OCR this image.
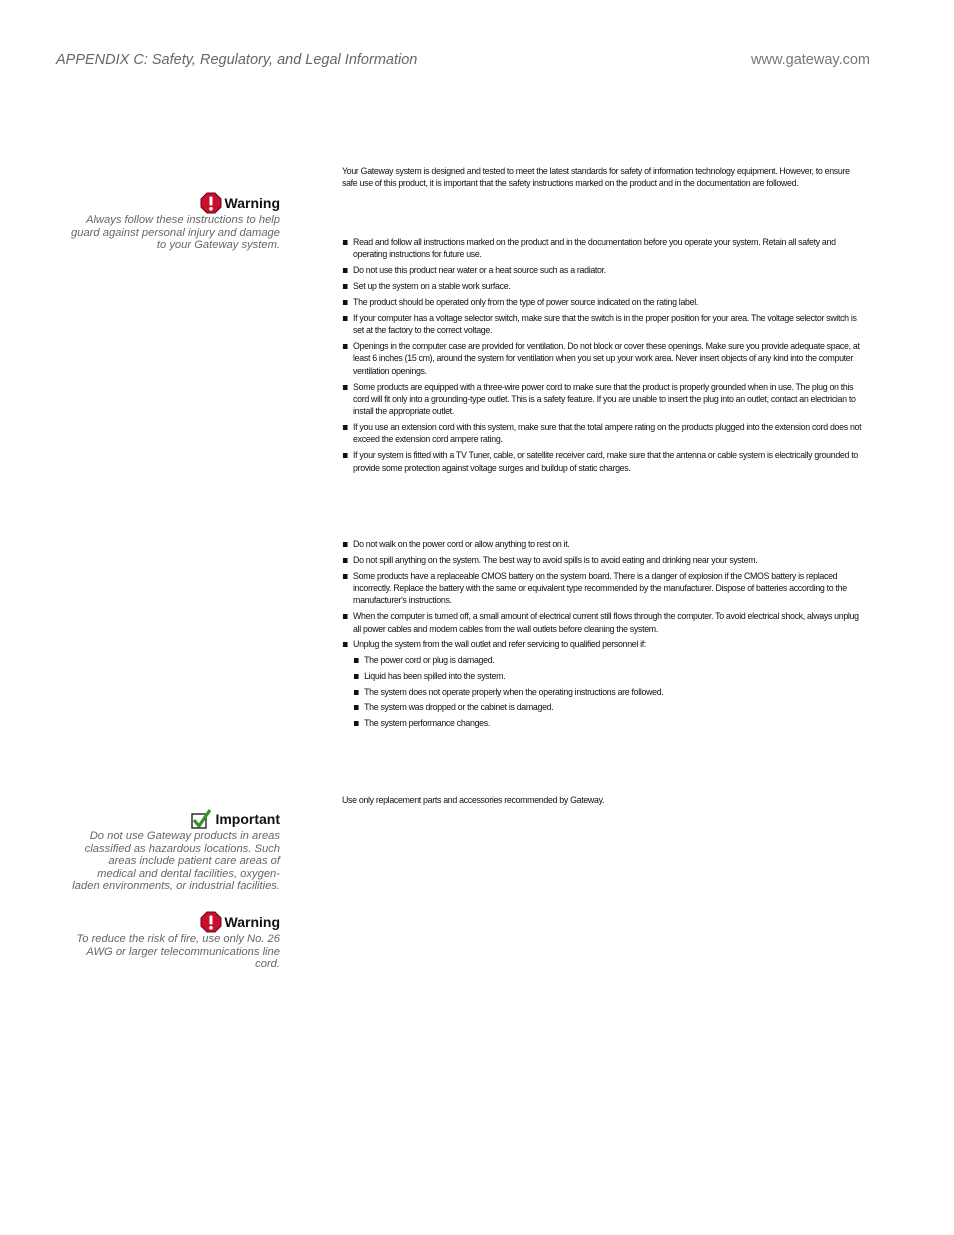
APPENDIX C: Safety, Regulatory, and Legal Information	www.gateway.com
Your Gateway system is designed and tested to meet the latest standards for safety of information technology equipment. However, to ensure safe use of this product, it is important that the safety instructions marked on the product and in the documentation are followed.
Warning
Always follow these instructions to help guard against personal injury and damage to your Gateway system.	Read and follow all instructions marked on the product and in the documentation before you operate your system. Retain all safety and operating instructions for future use.
Do not use this product near water or a heat source such as a radiator.
Set up the system on a stable work surface.
The product should be operated only from the type of power source indicated on the rating label.
If your computer has a voltage selector switch, make sure that the switch is in the proper position for your area. The voltage selector switch is set at the factory to the correct voltage.
Openings in the computer case are provided for ventilation. Do not block or cover these openings. Make sure you provide adequate space, at least 6 inches (15 cm), around the system for ventilation when you set up your work area. Never insert objects of any kind into the computer ventilation openings.
Some products are equipped with a three-wire power cord to make sure that the product is properly grounded when in use. The plug on this cord will fit only into a grounding-type outlet. This is a safety feature. If you are unable to insert the plug into an outlet, contact an electrician to install the appropriate outlet.
If you use an extension cord with this system, make sure that the total ampere rating on the products plugged into the extension cord does not exceed the extension cord ampere rating.
If your system is fitted with a TV Tuner, cable, or satellite receiver card, make sure that the antenna or cable system is electrically grounded to provide some protection against voltage surges and buildup of static charges.
Do not walk on the power cord or allow anything to rest on it.
Do not spill anything on the system. The best way to avoid spills is to avoid eating and drinking near your system.
Some products have a replaceable CMOS battery on the system board. There is a danger of explosion if the CMOS battery is replaced incorrectly. Replace the battery with the same or equivalent type recommended by the manufacturer. Dispose of batteries according to the manufacturer's instructions.
When the computer is turned off, a small amount of electrical current still flows through the computer. To avoid electrical shock, always unplug all power cables and modem cables from the wall outlets before cleaning the system.
Unplug the system from the wall outlet and refer servicing to qualified personnel if:
The power cord or plug is damaged.
Liquid has been spilled into the system.
The system does not operate properly when the operating instructions are followed.
The system was dropped or the cabinet is damaged.
The system performance changes.
Use only replacement parts and accessories recommended by Gateway.
Important
Do not use Gateway products in areas classified as hazardous locations. Such areas include patient care areas of medical and dental facilities, oxygen-laden environments, or industrial facilities.
Warning
To reduce the risk of fire, use only No. 26 AWG or larger telecommunications line cord.
